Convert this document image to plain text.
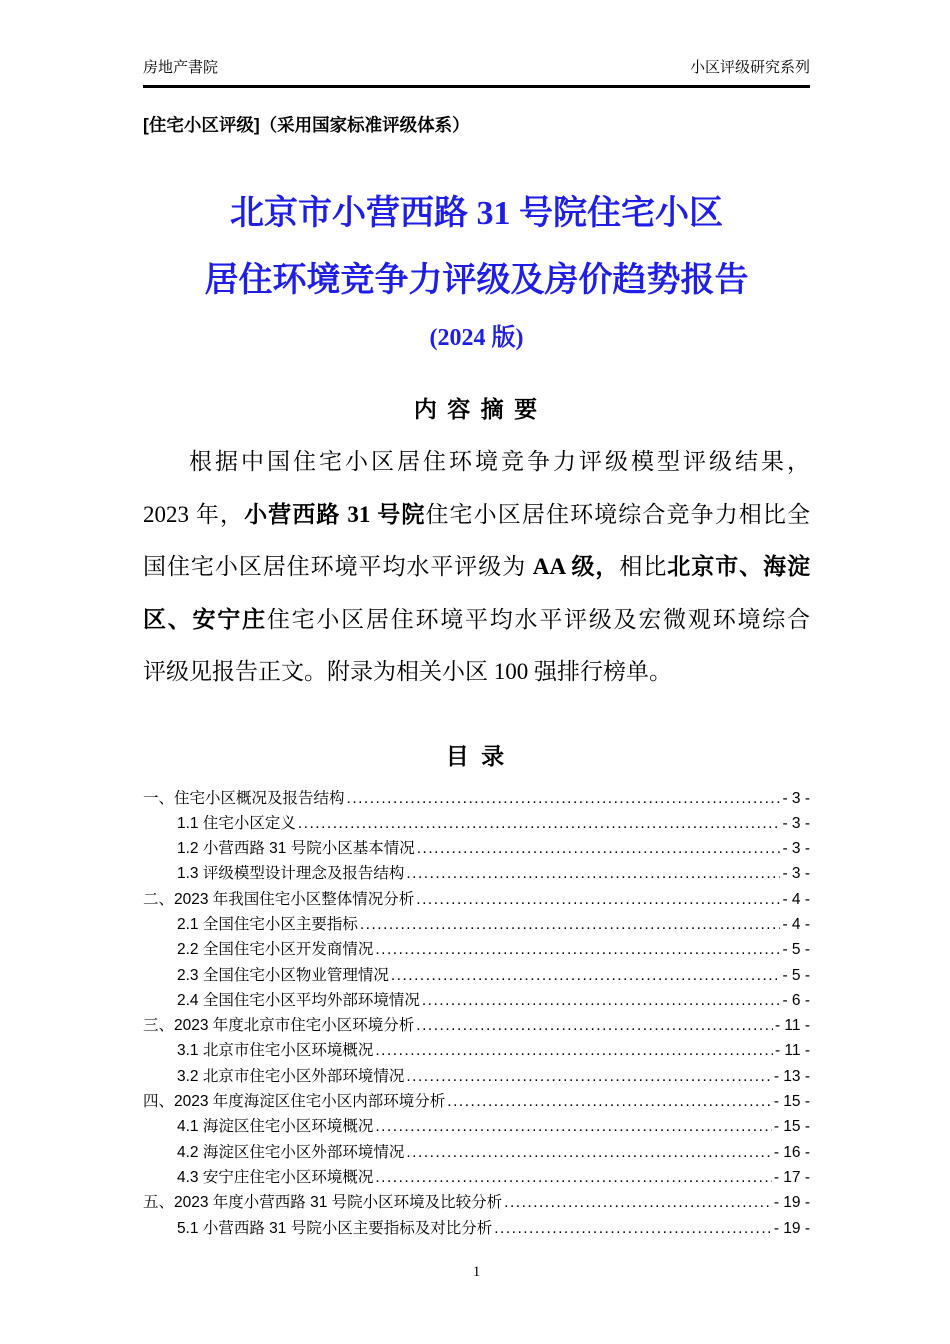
房地产書院	小区评级研究系列
[住宅小区评级]（采用国家标准评级体系）
北京市小营西路 31 号院住宅小区
居住环境竞争力评级及房价趋势报告
(2024 版)
内 容 摘 要
根据中国住宅小区居住环境竞争力评级模型评级结果，
2023 年，小营西路 31 号院住宅小区居住环境综合竞争力相比全
国住宅小区居住环境平均水平评级为 AA 级，相比北京市、海淀
区、安宁庄住宅小区居住环境平均水平评级及宏微观环境综合
评级见报告正文。附录为相关小区 100 强排行榜单。
目 录
一、住宅小区概况及报告结构 .....	- 3 -
1.1 住宅小区定义 .....	- 3 -
1.2 小营西路 31 号院小区基本情况 .....	- 3 -
1.3 评级模型设计理念及报告结构 .....	- 3 -
二、2023 年我国住宅小区整体情况分析 .....	- 4 -
2.1 全国住宅小区主要指标 .....	- 4 -
2.2 全国住宅小区开发商情况 .....	- 5 -
2.3 全国住宅小区物业管理情况 .....	- 5 -
2.4 全国住宅小区平均外部环境情况 .....	- 6 -
三、2023 年度北京市住宅小区环境分析 .....	- 11 -
3.1 北京市住宅小区环境概况 .....	- 11 -
3.2 北京市住宅小区外部环境情况 .....	- 13 -
四、2023 年度海淀区住宅小区内部环境分析 .....	- 15 -
4.1 海淀区住宅小区环境概况 .....	- 15 -
4.2 海淀区住宅小区外部环境情况 .....	- 16 -
4.3 安宁庄住宅小区环境概况 .....	- 17 -
五、2023 年度小营西路 31 号院小区环境及比较分析 .....	- 19 -
5.1 小营西路 31 号院小区主要指标及对比分析 .....	- 19 -
1
